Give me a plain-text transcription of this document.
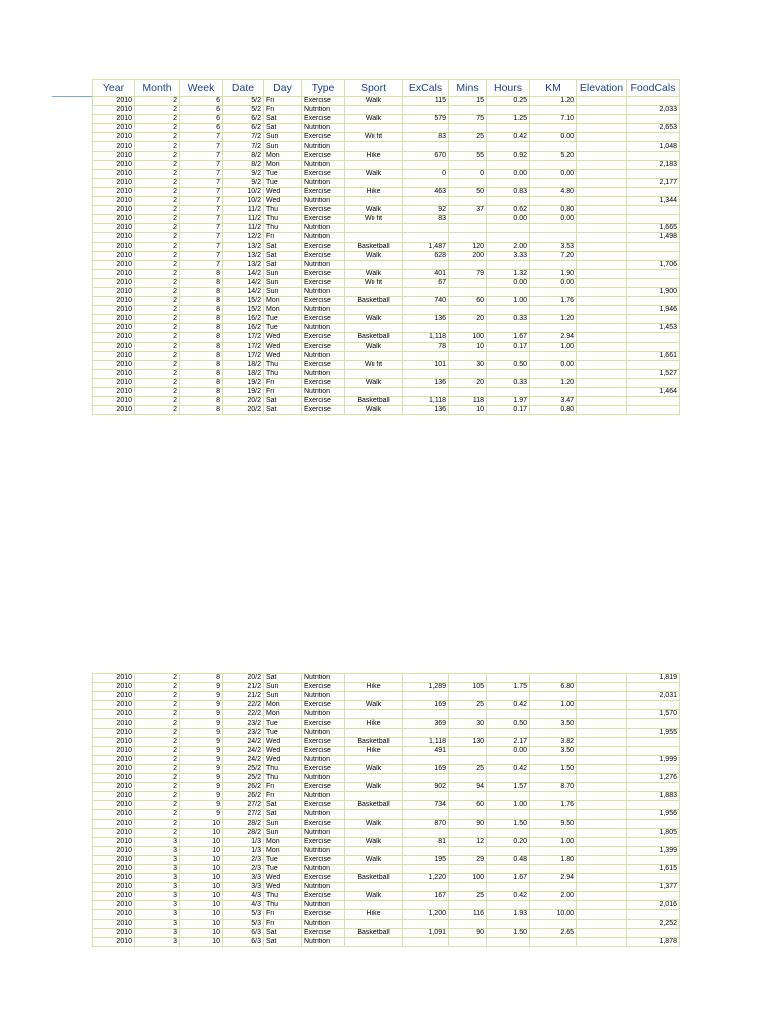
Year	Month	Week	Date	Day	Type	Sport	ExCals	Mins	Hours	KM	Elevation	FoodCals
2010	2	6	5/2	Fri	Exercise	Walk	115	15	0.25	1.20		
2010	2	6	5/2	Fri	Nutrition							2,033
2010	2	6	6/2	Sat	Exercise	Walk	579	75	1.25	7.10		
2010	2	6	6/2	Sat	Nutrition							2,653
2010	2	7	7/2	Sun	Exercise	Wii fit	83	25	0.42	0.00		
2010	2	7	7/2	Sun	Nutrition							1,048
2010	2	7	8/2	Mon	Exercise	Hike	670	55	0.92	5.20		
2010	2	7	8/2	Mon	Nutrition							2,183
2010	2	7	9/2	Tue	Exercise	Walk	0	0	0.00	0.00		
2010	2	7	9/2	Tue	Nutrition							2,177
2010	2	7	10/2	Wed	Exercise	Hike	463	50	0.83	4.80		
2010	2	7	10/2	Wed	Nutrition							1,344
2010	2	7	11/2	Thu	Exercise	Walk	92	37	0.62	0.80		
2010	2	7	11/2	Thu	Exercise	Wii fit	83		0.00	0.00		
2010	2	7	11/2	Thu	Nutrition							1,665
2010	2	7	12/2	Fri	Nutrition							1,498
2010	2	7	13/2	Sat	Exercise	Basketball	1,487	120	2.00	3.53		
2010	2	7	13/2	Sat	Exercise	Walk	628	200	3.33	7.20		
2010	2	7	13/2	Sat	Nutrition							1,706
2010	2	8	14/2	Sun	Exercise	Walk	401	79	1.32	1.90		
2010	2	8	14/2	Sun	Exercise	Wii fit	67		0.00	0.00		
2010	2	8	14/2	Sun	Nutrition							1,900
2010	2	8	15/2	Mon	Exercise	Basketball	740	60	1.00	1.76		
2010	2	8	15/2	Mon	Nutrition							1,946
2010	2	8	16/2	Tue	Exercise	Walk	136	20	0.33	1.20		
2010	2	8	16/2	Tue	Nutrition							1,453
2010	2	8	17/2	Wed	Exercise	Basketball	1,118	100	1.67	2.94		
2010	2	8	17/2	Wed	Exercise	Walk	78	10	0.17	1.00		
2010	2	8	17/2	Wed	Nutrition							1,661
2010	2	8	18/2	Thu	Exercise	Wii fit	101	30	0.50	0.00		
2010	2	8	18/2	Thu	Nutrition							1,527
2010	2	8	19/2	Fri	Exercise	Walk	136	20	0.33	1.20		
2010	2	8	19/2	Fri	Nutrition							1,464
2010	2	8	20/2	Sat	Exercise	Basketball	1,118	118	1.97	3.47		
2010	2	8	20/2	Sat	Exercise	Walk	136	10	0.17	0.80		
2010	2	8	20/2	Sat	Nutrition							1,819
2010	2	9	21/2	Sun	Exercise	Hike	1,289	105	1.75	6.80		
2010	2	9	21/2	Sun	Nutrition							2,031
2010	2	9	22/2	Mon	Exercise	Walk	169	25	0.42	1.00		
2010	2	9	22/2	Mon	Nutrition							1,570
2010	2	9	23/2	Tue	Exercise	Hike	369	30	0.50	3.50		
2010	2	9	23/2	Tue	Nutrition							1,955
2010	2	9	24/2	Wed	Exercise	Basketball	1,118	130	2.17	3.82		
2010	2	9	24/2	Wed	Exercise	Hike	491		0.00	3.50		
2010	2	9	24/2	Wed	Nutrition							1,999
2010	2	9	25/2	Thu	Exercise	Walk	169	25	0.42	1.50		
2010	2	9	25/2	Thu	Nutrition							1,276
2010	2	9	26/2	Fri	Exercise	Walk	902	94	1.57	8.70		
2010	2	9	26/2	Fri	Nutrition							1,883
2010	2	9	27/2	Sat	Exercise	Basketball	734	60	1.00	1.76		
2010	2	9	27/2	Sat	Nutrition							1,956
2010	2	10	28/2	Sun	Exercise	Walk	870	90	1.50	9.50		
2010	2	10	28/2	Sun	Nutrition							1,805
2010	3	10	1/3	Mon	Exercise	Walk	81	12	0.20	1.00		
2010	3	10	1/3	Mon	Nutrition							1,399
2010	3	10	2/3	Tue	Exercise	Walk	195	29	0.48	1.80		
2010	3	10	2/3	Tue	Nutrition							1,615
2010	3	10	3/3	Wed	Exercise	Basketball	1,220	100	1.67	2.94		
2010	3	10	3/3	Wed	Nutrition							1,377
2010	3	10	4/3	Thu	Exercise	Walk	167	25	0.42	2.00		
2010	3	10	4/3	Thu	Nutrition							2,016
2010	3	10	5/3	Fri	Exercise	Hike	1,200	116	1.93	10.00		
2010	3	10	5/3	Fri	Nutrition							2,252
2010	3	10	6/3	Sat	Exercise	Basketball	1,091	90	1.50	2.65		
2010	3	10	6/3	Sat	Nutrition							1,878
